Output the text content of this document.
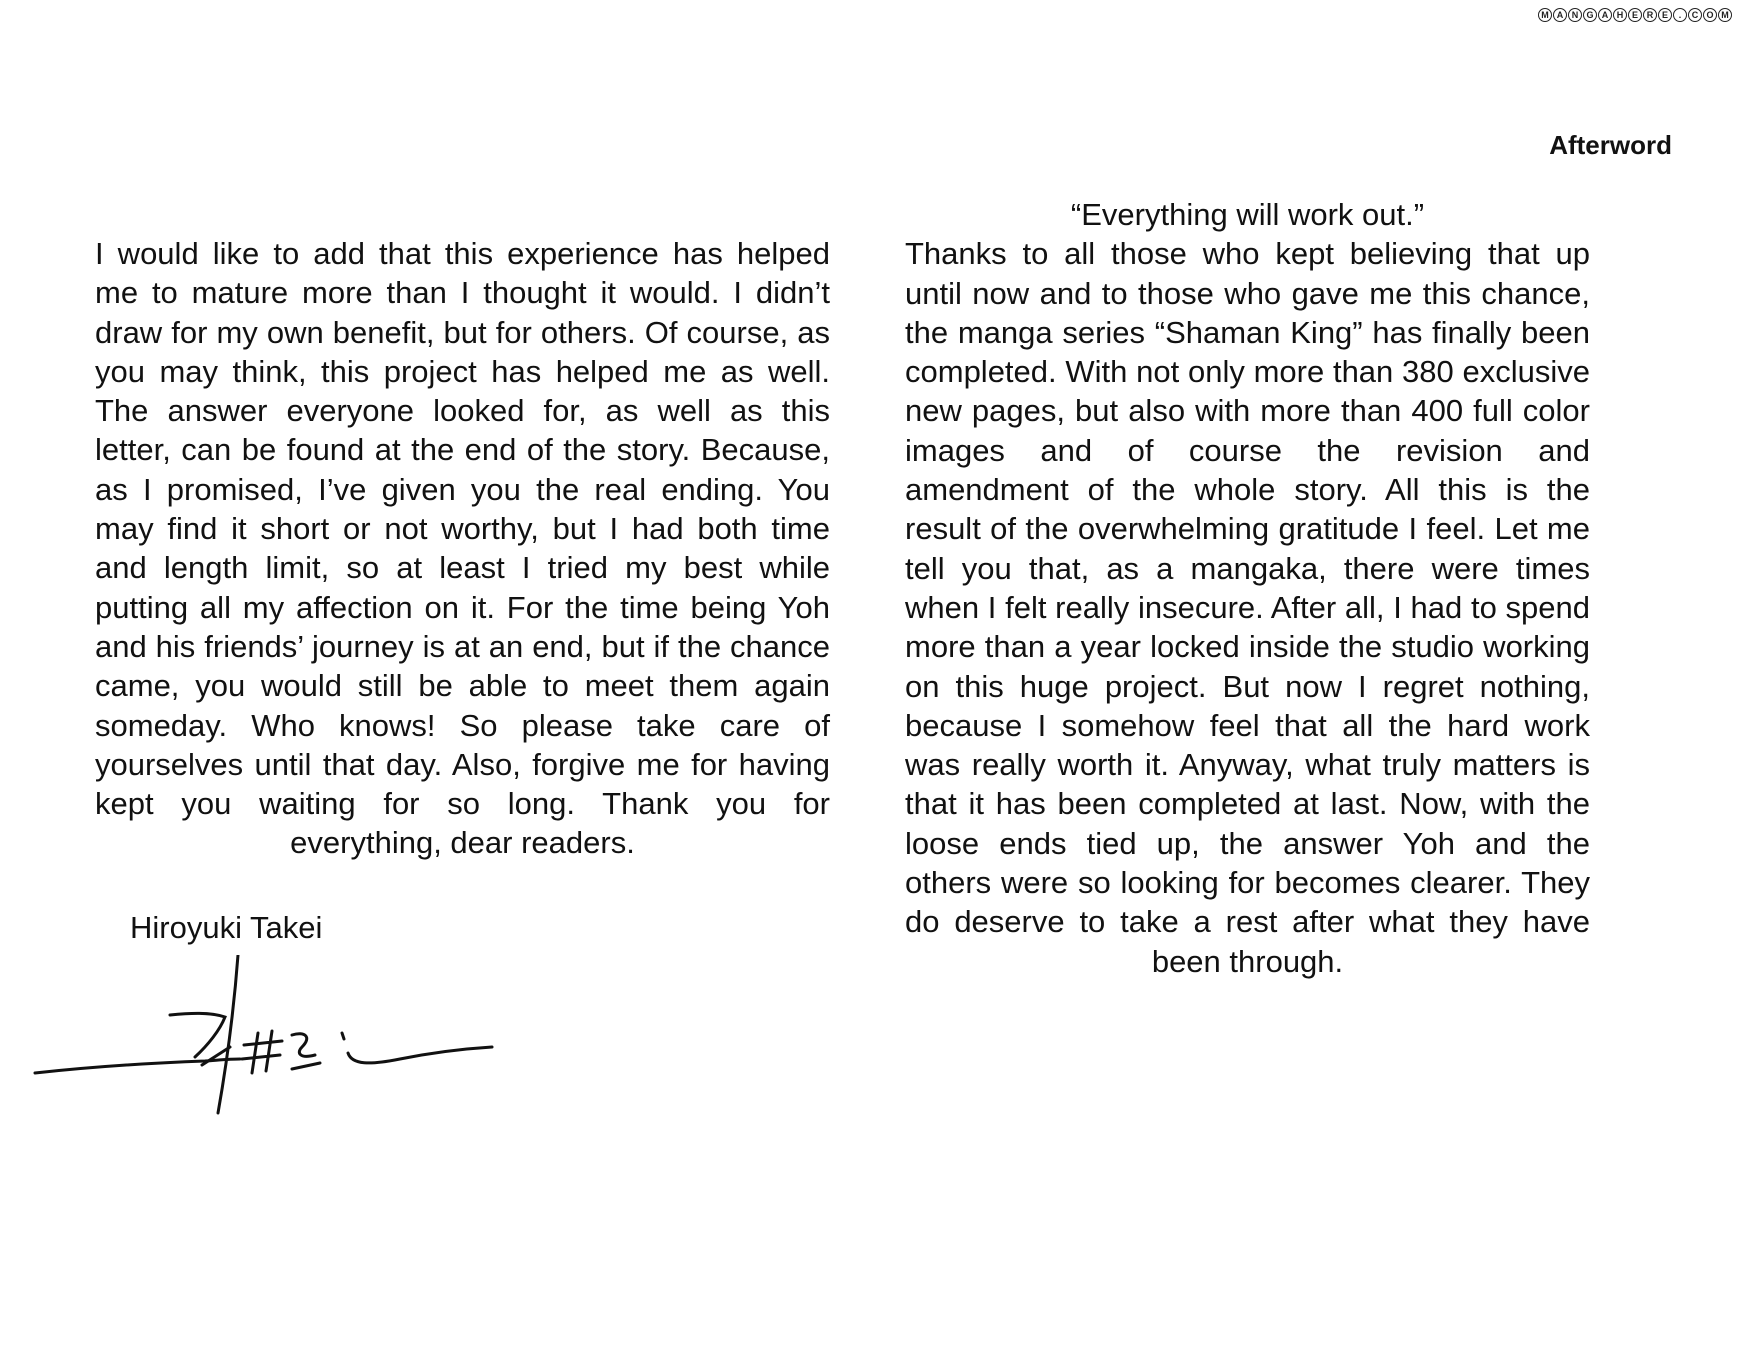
M A N G A H E R E	.	C O M
Afterword
I would like to add that this experience has helped me to mature more than I thought it would. I didn’t draw for my own benefit, but for others. Of course, as you may think, this project has helped me as well. The answer everyone looked for, as well as this letter, can be found at the end of the story. Because, as I promised, I’ve given you the real ending. You may find it short or not worthy, but I had both time and length limit, so at least I tried my best while putting all my affection on it. For the time being Yoh and his friends’ journey is at an end, but if the chance came, you would still be able to meet them again someday. Who knows! So please take care of yourselves until that day. Also, forgive me for having kept you waiting for so long. Thank you for everything, dear readers.
“Everything will work out.”
Thanks to all those who kept believing that up until now and to those who gave me this chance, the manga series “Shaman King” has finally been completed. With not only more than 380 exclusive new pages, but also with more than 400 full color images and of course the revision and amendment of the whole story. All this is the result of the overwhelming gratitude I feel. Let me tell you that, as a mangaka, there were times when I felt really insecure. After all, I had to spend more than a year locked inside the studio working on this huge project. But now I regret nothing, because I somehow feel that all the hard work was really worth it. Anyway, what truly matters is that it has been completed at last. Now, with the loose ends tied up, the answer Yoh and the others were so looking for becomes clearer. They do deserve to take a rest after what they have been through.
Hiroyuki Takei
